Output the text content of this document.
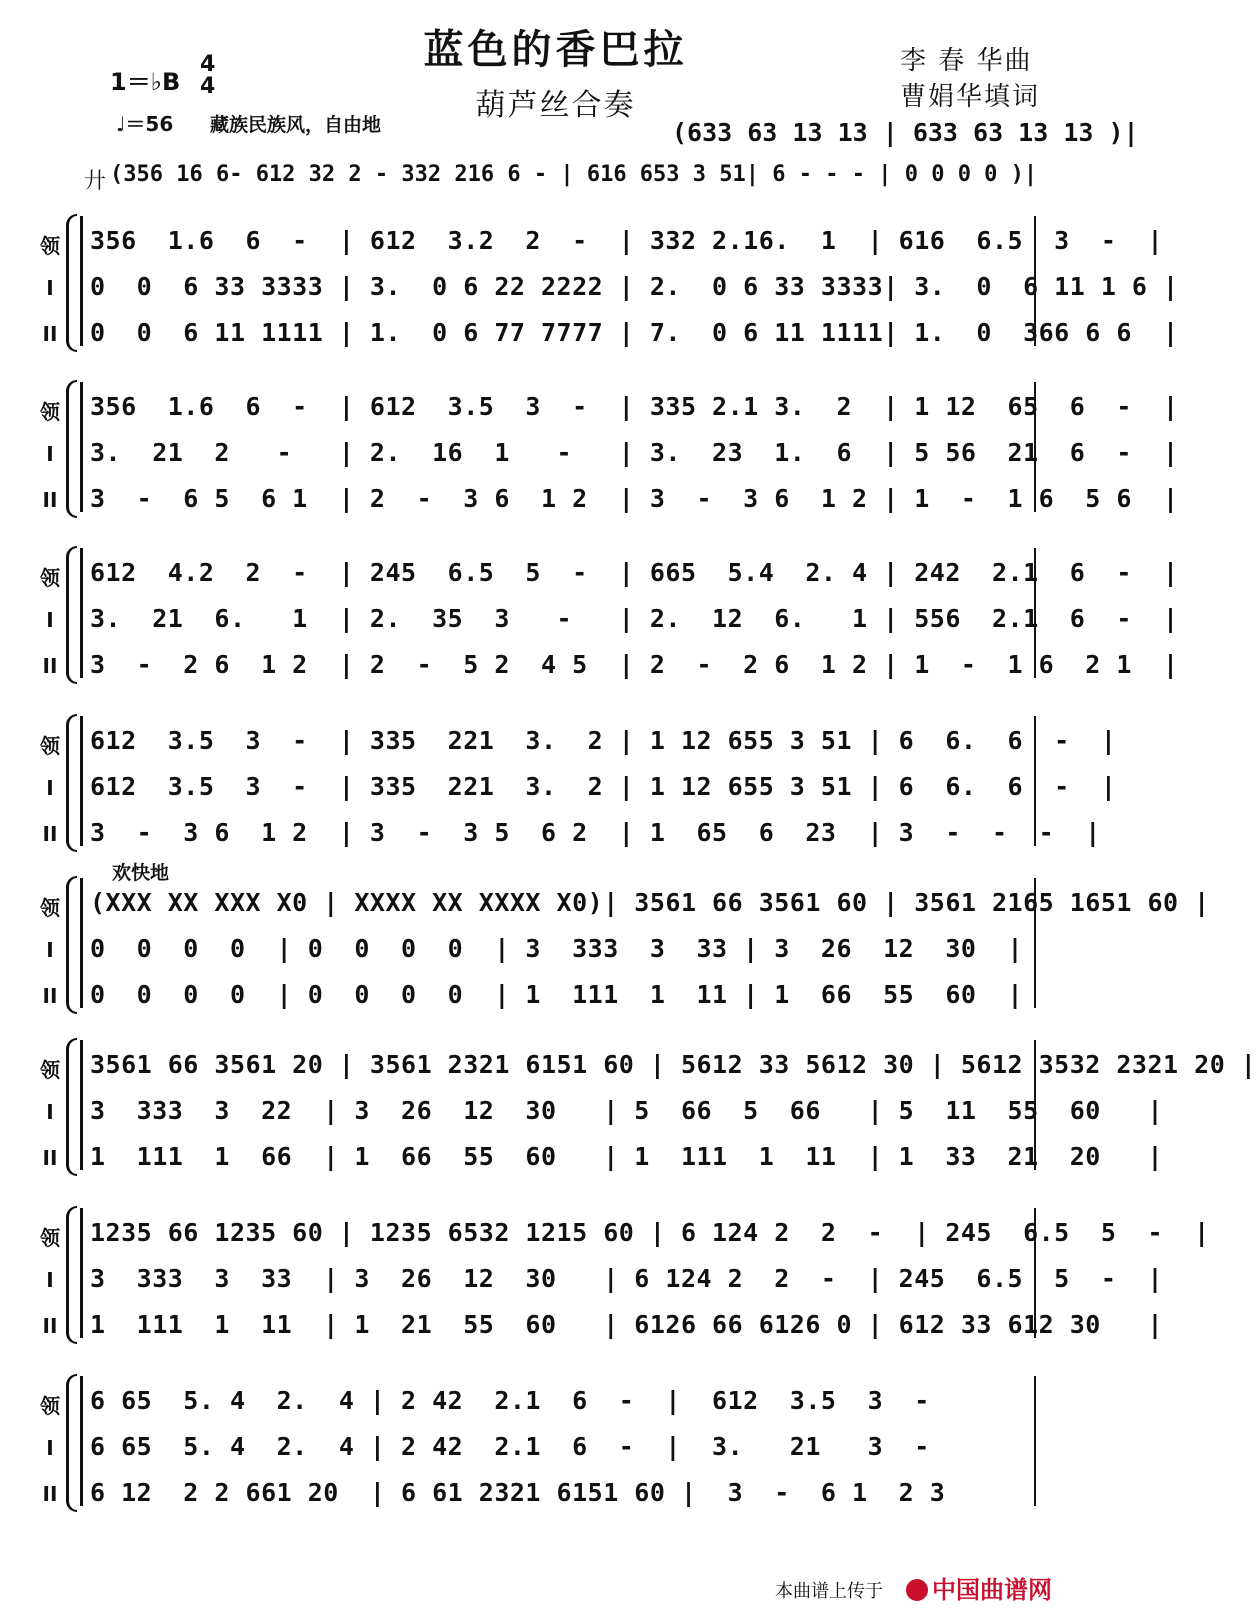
蓝色的香巴拉
葫芦丝合奏
李 春 华曲
曹娟华填词
1＝♭B
4
4
♩＝56 藏族民族风，自由地	(633 63 13 13 | 633 63 13 13 )|
廾 (356 16 6- 612 32 2 - 332 216 6 - | 616 653 3 51| 6 - - - | 0 0 0 0 )|
领	356  1.6  6  -  | 612  3.2  2  -  | 332 2.16.  1  | 616  6.5  3  -  |
I	0  0  6 33 3333 | 3.  0 6 22 2222 | 2.  0 6 33 3333| 3.  0  6 11 1 6 |
II	0  0  6 11 1111 | 1.  0 6 77 7777 | 7.  0 6 11 1111| 1.  0  366 6 6  |
领	356  1.6  6  -  | 612  3.5  3  -  | 335 2.1 3.  2  | 1 12  65  6  -  |
I	3.  21  2   -   | 2.  16  1   -   | 3.  23  1.  6  | 5 56  21  6  -  |
II	3  -  6 5  6 1  | 2  -  3 6  1 2  | 3  -  3 6  1 2 | 1  -  1 6  5 6  |
领	612  4.2  2  -  | 245  6.5  5  -  | 665  5.4  2. 4 | 242  2.1  6  -  |
I	3.  21  6.   1  | 2.  35  3   -   | 2.  12  6.   1 | 556  2.1  6  -  |
II	3  -  2 6  1 2  | 2  -  5 2  4 5  | 2  -  2 6  1 2 | 1  -  1 6  2 1  |
领	612  3.5  3  -  | 335  221  3.  2 | 1 12 655 3 51 | 6  6.  6  -  |
I	612  3.5  3  -  | 335  221  3.  2 | 1 12 655 3 51 | 6  6.  6  -  |
II	3  -  3 6  1 2  | 3  -  3 5  6 2  | 1  65  6  23  | 3  -  -  -  |
欢快地
领	(XXX XX XXX X0 | XXXX XX XXXX X0)| 3561 66 3561 60 | 3561 2165 1651 60 |
I	0  0  0  0  | 0  0  0  0  | 3  333  3  33 | 3  26  12  30  |
II	0  0  0  0  | 0  0  0  0  | 1  111  1  11 | 1  66  55  60  |
领	3561 66 3561 20 | 3561 2321 6151 60 | 5612 33 5612 30 | 5612 3532 2321 20 |
I	3  333  3  22  | 3  26  12  30   | 5  66  5  66   | 5  11  55  60   |
II	1  111  1  66  | 1  66  55  60   | 1  111  1  11  | 1  33  21  20   |
领	1235 66 1235 60 | 1235 6532 1215 60 | 6 124 2  2  -  | 245  6.5  5  -  |
I	3  333  3  33  | 3  26  12  30   | 6 124 2  2  -  | 245  6.5  5  -  |
II	1  111  1  11  | 1  21  55  60   | 6126 66 6126 0 | 612 33 612 30   |
领	6 65  5. 4  2.  4 | 2 42  2.1  6  -  |  612  3.5  3  -
I	6 65  5. 4  2.  4 | 2 42  2.1  6  -  |  3.   21   3  -
II	6 12  2 2 661 20  | 6 61 2321 6151 60 |  3  -  6 1  2 3
本曲谱上传于	中国曲谱网
